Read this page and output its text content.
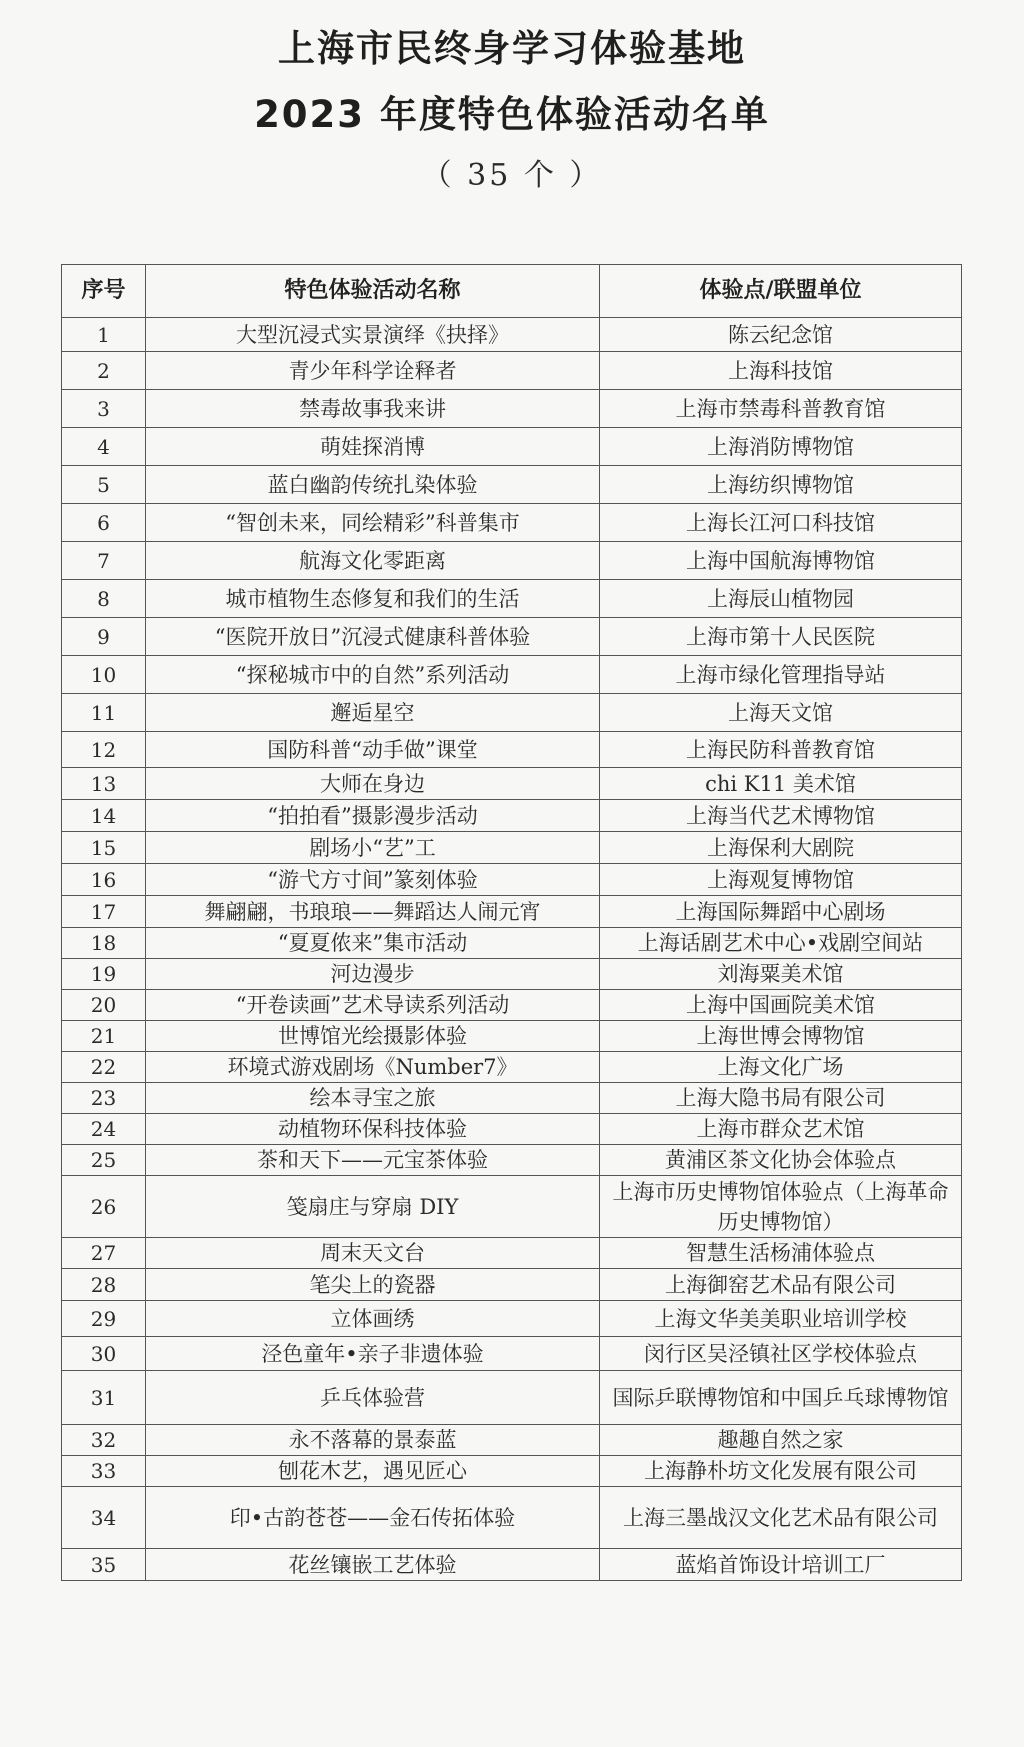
上海市民终身学习体验基地
2023 年度特色体验活动名单
（ 35 个 ）
序号	特色体验活动名称	体验点/联盟单位
1	大型沉浸式实景演绎《抉择》	陈云纪念馆
2	青少年科学诠释者	上海科技馆
3	禁毒故事我来讲	上海市禁毒科普教育馆
4	萌娃探消博	上海消防博物馆
5	蓝白幽韵传统扎染体验	上海纺织博物馆
6	“智创未来，同绘精彩”科普集市	上海长江河口科技馆
7	航海文化零距离	上海中国航海博物馆
8	城市植物生态修复和我们的生活	上海辰山植物园
9	“医院开放日”沉浸式健康科普体验	上海市第十人民医院
10	“探秘城市中的自然”系列活动	上海市绿化管理指导站
11	邂逅星空	上海天文馆
12	国防科普“动手做”课堂	上海民防科普教育馆
13	大师在身边	chi K11 美术馆
14	“拍拍看”摄影漫步活动	上海当代艺术博物馆
15	剧场小“艺”工	上海保利大剧院
16	“游弋方寸间”篆刻体验	上海观复博物馆
17	舞翩翩，书琅琅——舞蹈达人闹元宵	上海国际舞蹈中心剧场
18	“夏夏侬来”集市活动	上海话剧艺术中心•戏剧空间站
19	河边漫步	刘海粟美术馆
20	“开卷读画”艺术导读系列活动	上海中国画院美术馆
21	世博馆光绘摄影体验	上海世博会博物馆
22	环境式游戏剧场《Number7》	上海文化广场
23	绘本寻宝之旅	上海大隐书局有限公司
24	动植物环保科技体验	上海市群众艺术馆
25	茶和天下——元宝茶体验	黄浦区茶文化协会体验点
26	笺扇庄与穿扇 DIY	上海市历史博物馆体验点（上海革命历史博物馆）
27	周末天文台	智慧生活杨浦体验点
28	笔尖上的瓷器	上海御窑艺术品有限公司
29	立体画绣	上海文华美美职业培训学校
30	泾色童年•亲子非遗体验	闵行区吴泾镇社区学校体验点
31	乒乓体验营	国际乒联博物馆和中国乒乓球博物馆
32	永不落幕的景泰蓝	趣趣自然之家
33	刨花木艺，遇见匠心	上海静朴坊文化发展有限公司
34	印•古韵苍苍——金石传拓体验	上海三墨战汉文化艺术品有限公司
35	花丝镶嵌工艺体验	蓝焰首饰设计培训工厂
